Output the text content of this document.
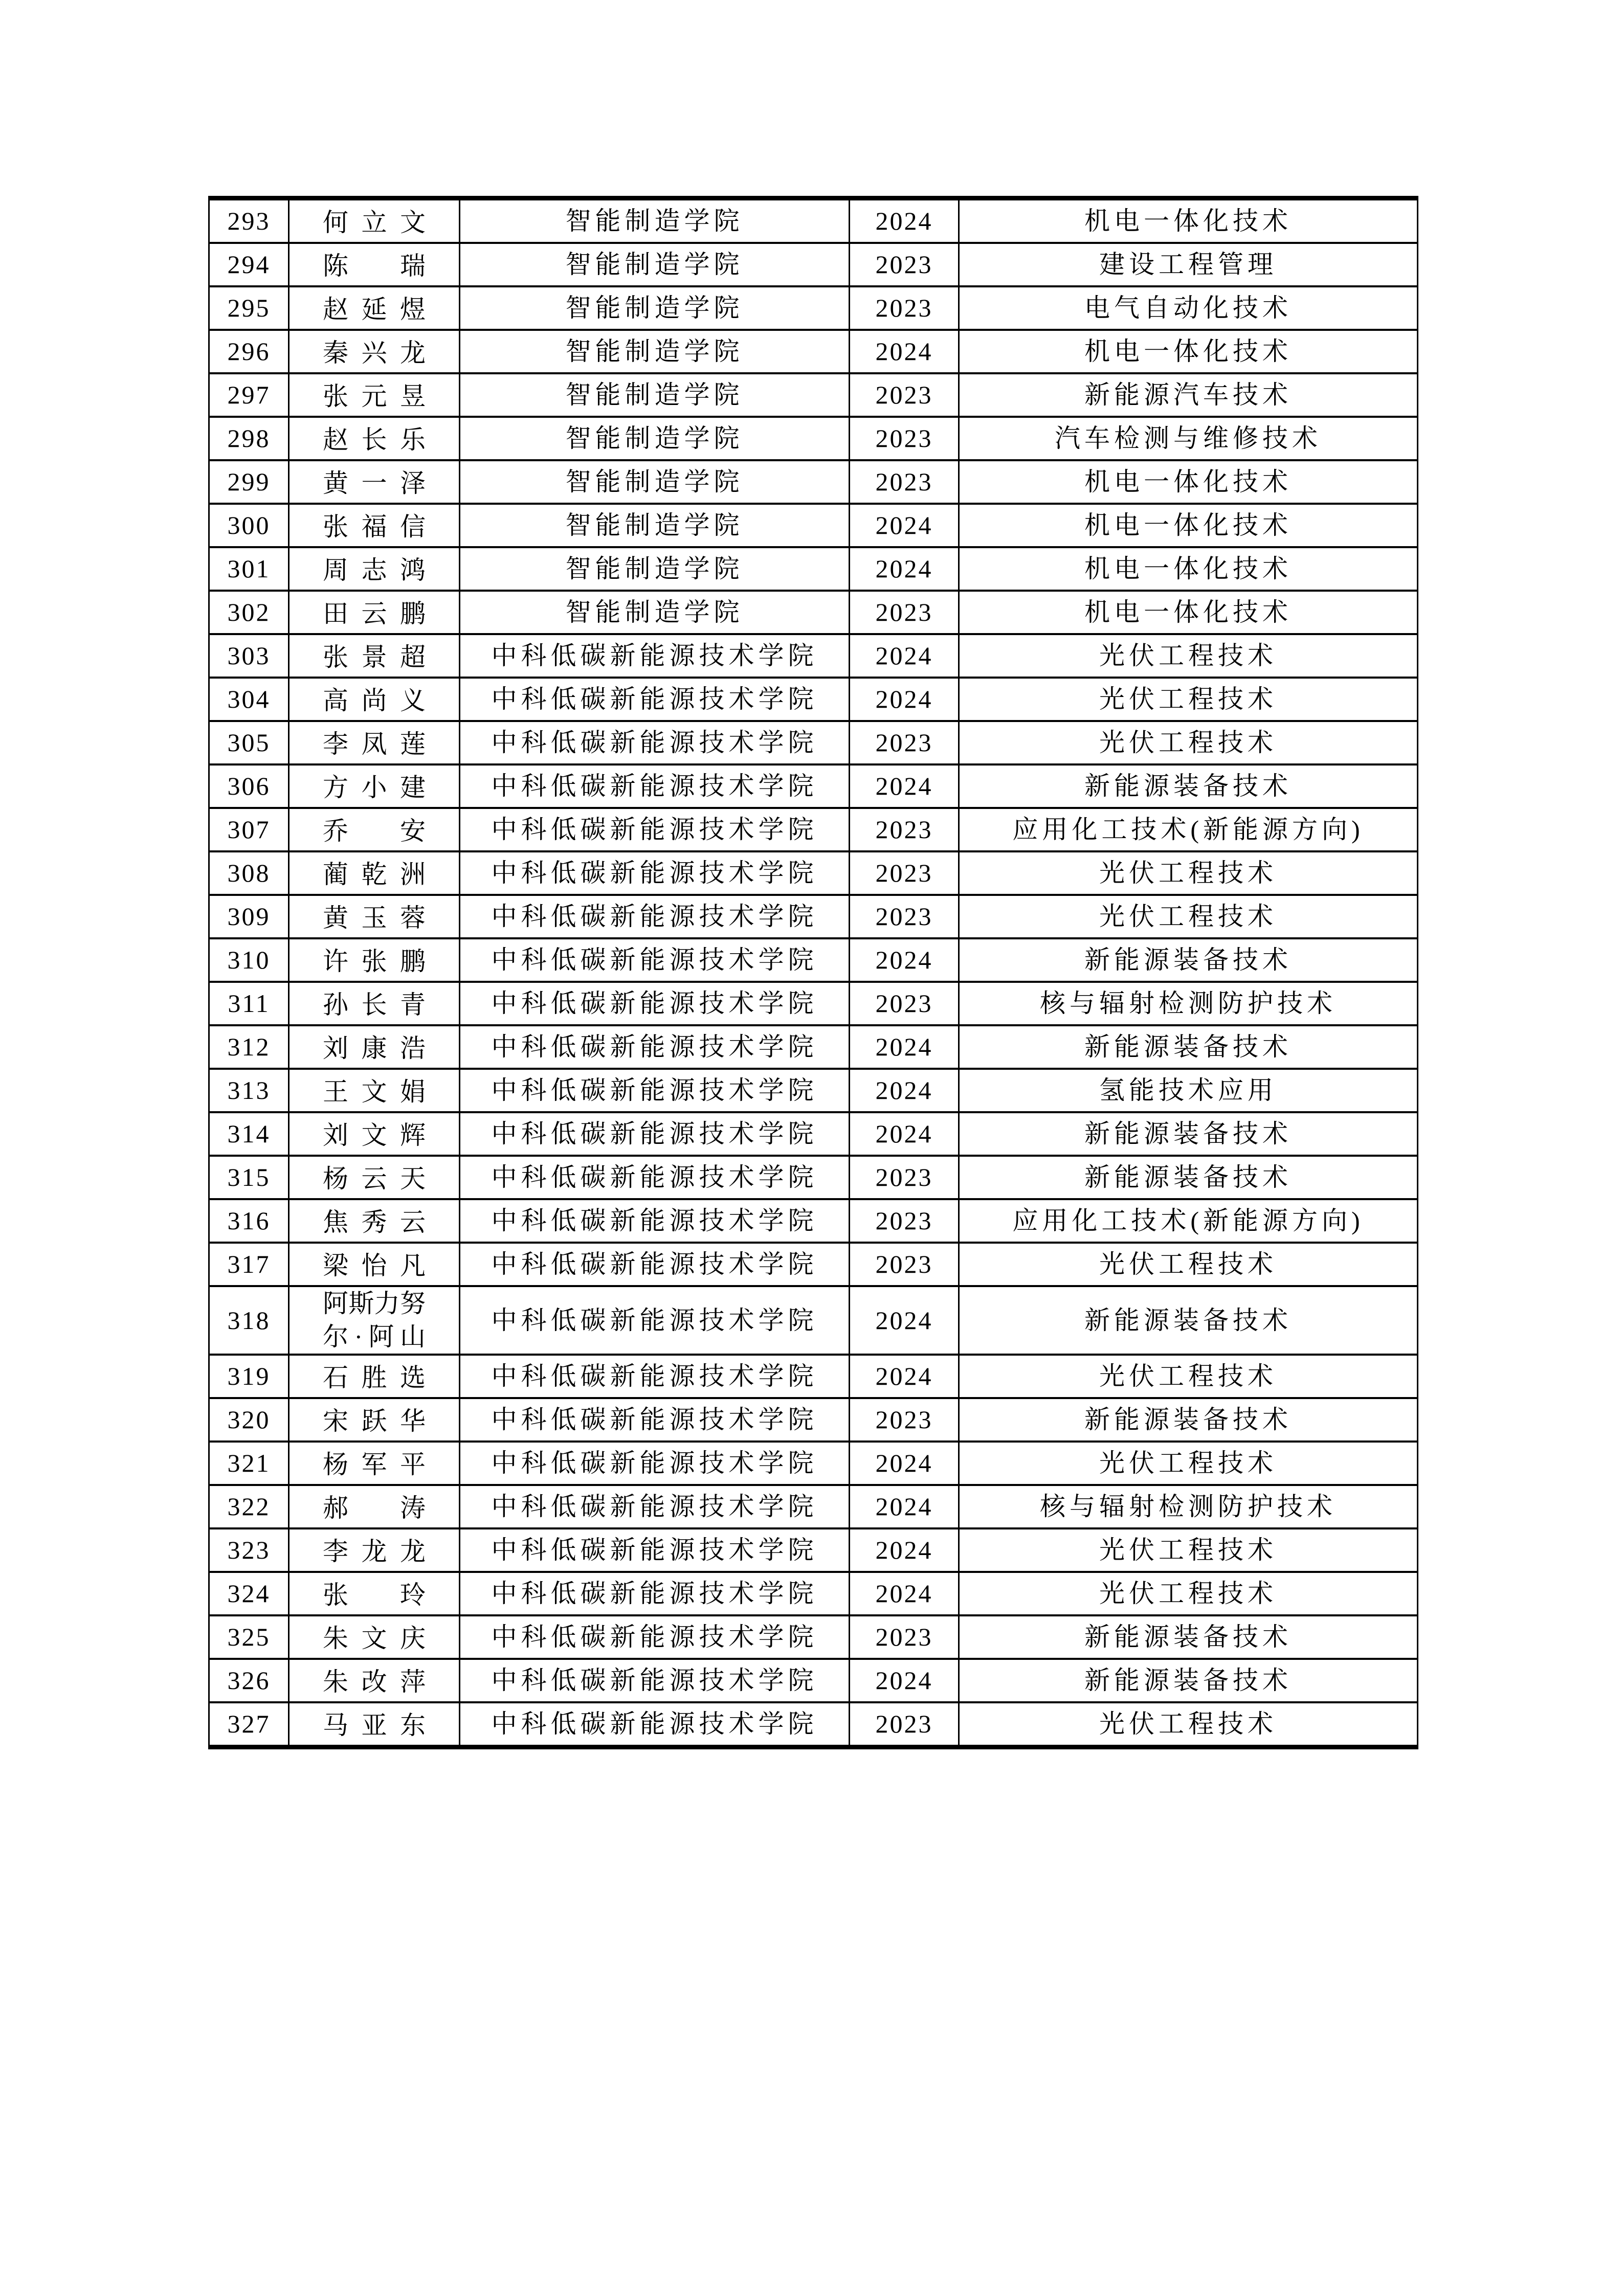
293	何立文	智能制造学院	2024	机电一体化技术
294	陈瑞	智能制造学院	2023	建设工程管理
295	赵延煜	智能制造学院	2023	电气自动化技术
296	秦兴龙	智能制造学院	2024	机电一体化技术
297	张元昱	智能制造学院	2023	新能源汽车技术
298	赵长乐	智能制造学院	2023	汽车检测与维修技术
299	黄一泽	智能制造学院	2023	机电一体化技术
300	张福信	智能制造学院	2024	机电一体化技术
301	周志鸿	智能制造学院	2024	机电一体化技术
302	田云鹏	智能制造学院	2023	机电一体化技术
303	张景超	中科低碳新能源技术学院	2024	光伏工程技术
304	高尚义	中科低碳新能源技术学院	2024	光伏工程技术
305	李凤莲	中科低碳新能源技术学院	2023	光伏工程技术
306	方小建	中科低碳新能源技术学院	2024	新能源装备技术
307	乔安	中科低碳新能源技术学院	2023	应用化工技术(新能源方向)
308	蔺乾洲	中科低碳新能源技术学院	2023	光伏工程技术
309	黄玉蓉	中科低碳新能源技术学院	2023	光伏工程技术
310	许张鹏	中科低碳新能源技术学院	2024	新能源装备技术
311	孙长青	中科低碳新能源技术学院	2023	核与辐射检测防护技术
312	刘康浩	中科低碳新能源技术学院	2024	新能源装备技术
313	王文娟	中科低碳新能源技术学院	2024	氢能技术应用
314	刘文辉	中科低碳新能源技术学院	2024	新能源装备技术
315	杨云天	中科低碳新能源技术学院	2023	新能源装备技术
316	焦秀云	中科低碳新能源技术学院	2023	应用化工技术(新能源方向)
317	梁怡凡	中科低碳新能源技术学院	2023	光伏工程技术
318	阿斯力努尔·阿山	中科低碳新能源技术学院	2024	新能源装备技术
319	石胜选	中科低碳新能源技术学院	2024	光伏工程技术
320	宋跃华	中科低碳新能源技术学院	2023	新能源装备技术
321	杨军平	中科低碳新能源技术学院	2024	光伏工程技术
322	郝涛	中科低碳新能源技术学院	2024	核与辐射检测防护技术
323	李龙龙	中科低碳新能源技术学院	2024	光伏工程技术
324	张玲	中科低碳新能源技术学院	2024	光伏工程技术
325	朱文庆	中科低碳新能源技术学院	2023	新能源装备技术
326	朱改萍	中科低碳新能源技术学院	2024	新能源装备技术
327	马亚东	中科低碳新能源技术学院	2023	光伏工程技术
